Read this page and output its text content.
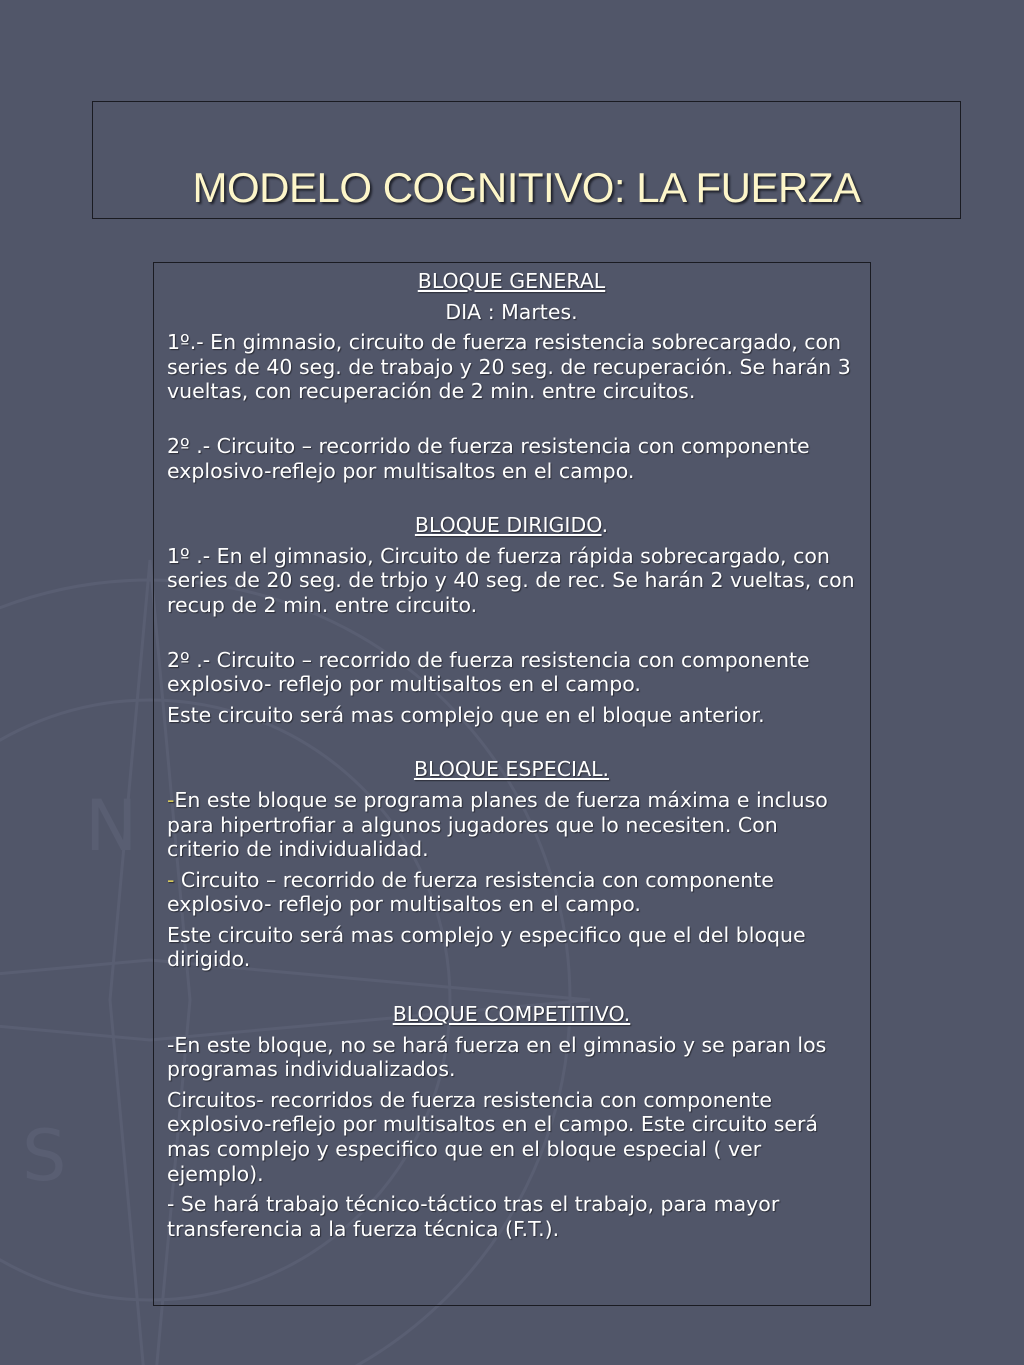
N
S
MODELO COGNITIVO: LA FUERZA

BLOQUE GENERAL

DIA : Martes.

1º.- En gimnasio, circuito de fuerza resistencia sobrecargado, con series de 40 seg. de trabajo y 20 seg. de recuperación. Se harán 3 vueltas, con recuperación de 2 min. entre circuitos.

2º .- Circuito – recorrido de fuerza resistencia con componente explosivo-reflejo por multisaltos en el campo.

BLOQUE DIRIGIDO.

1º .- En el gimnasio, Circuito de fuerza rápida sobrecargado, con series de 20 seg. de trbjo y 40 seg. de rec. Se harán 2 vueltas, con recup de 2 min. entre circuito.

2º .- Circuito – recorrido de fuerza resistencia con componente explosivo- reflejo por multisaltos en el campo.

Este circuito será mas complejo que en el bloque anterior.

BLOQUE ESPECIAL.

-En este bloque se programa planes de fuerza máxima e incluso para hipertrofiar a algunos jugadores que lo necesiten. Con criterio de individualidad.

- Circuito – recorrido de fuerza resistencia con componente explosivo- reflejo por multisaltos en el campo.

Este circuito será mas complejo y especifico que el del bloque dirigido.

BLOQUE COMPETITIVO.

-En este bloque, no se hará fuerza en el gimnasio y se paran los programas individualizados.

Circuitos- recorridos de fuerza resistencia con componente explosivo-reflejo por multisaltos en el campo. Este circuito será mas complejo y especifico que en el bloque especial ( ver ejemplo).

- Se hará trabajo técnico-táctico tras el trabajo, para mayor transferencia a la fuerza técnica (F.T.).
